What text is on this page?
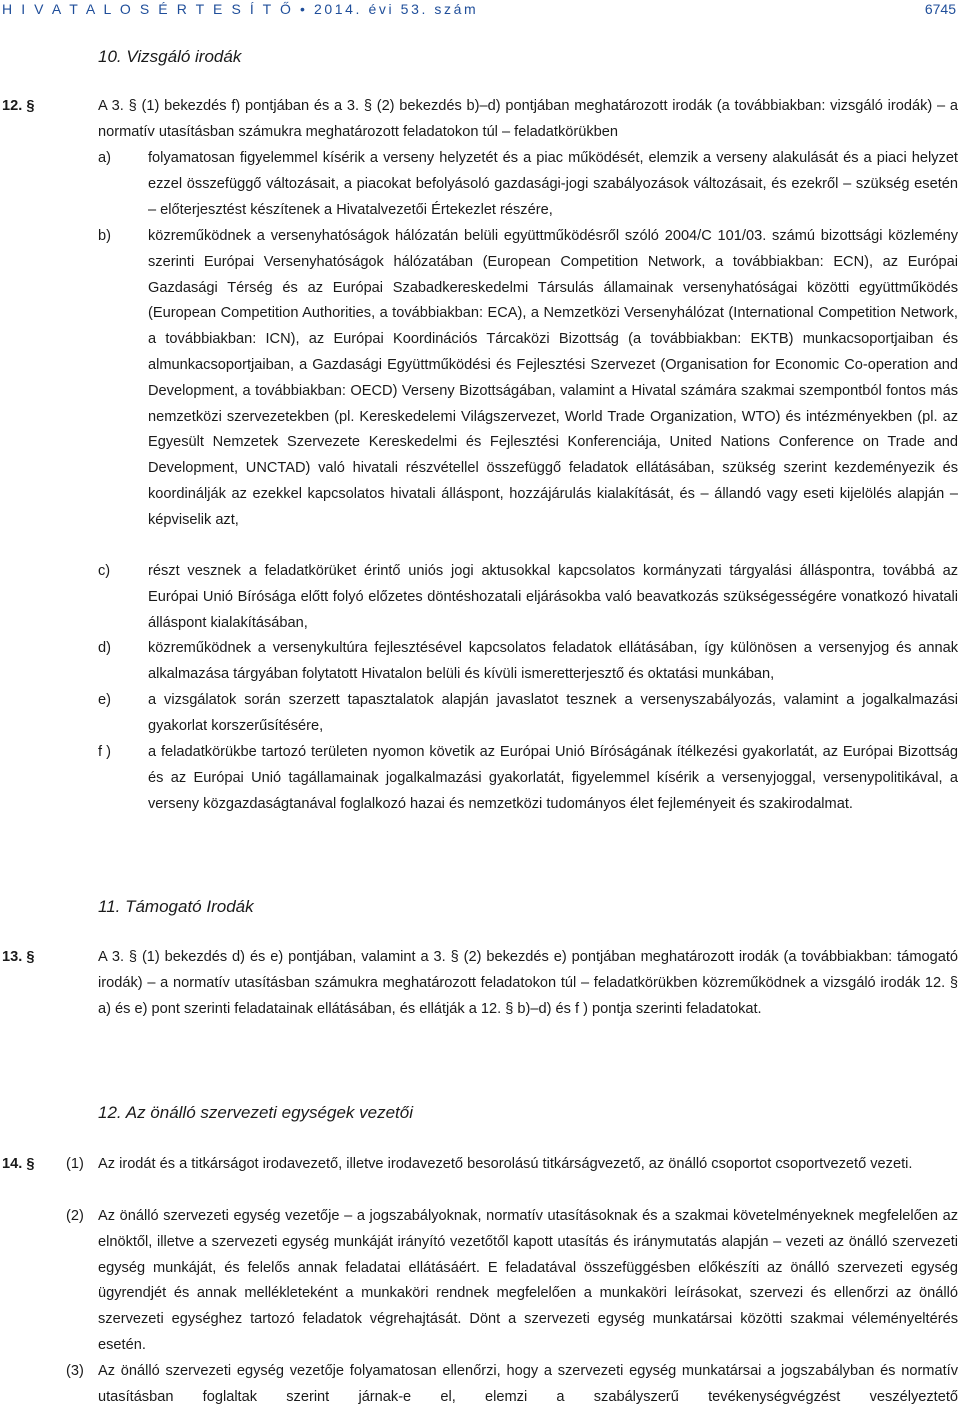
H I V A T A L O S É R T E S Í T Ő • 2014. évi 53. szám	6745
10. Vizsgáló irodák
12. §	A 3. § (1) bekezdés f) pontjában és a 3. § (2) bekezdés b)–d) pontjában meghatározott irodák (a továbbiakban: vizsgáló irodák) – a normatív utasításban számukra meghatározott feladatokon túl – feladatkörükben
a)	folyamatosan figyelemmel kísérik a verseny helyzetét és a piac működését, elemzik a verseny alakulását és a piaci helyzet ezzel összefüggő változásait, a piacokat befolyásoló gazdasági-jogi szabályozások változásait, és ezekről – szükség esetén – előterjesztést készítenek a Hivatalvezetői Értekezlet részére,
b)	közreműködnek a versenyhatóságok hálózatán belüli együttműködésről szóló 2004/C 101/03. számú bizottsági közlemény szerinti Európai Versenyhatóságok hálózatában (European Competition Network, a továbbiakban: ECN), az Európai Gazdasági Térség és az Európai Szabadkereskedelmi Társulás államainak versenyhatóságai közötti együttműködés (European Competition Authorities, a továbbiakban: ECA), a Nemzetközi Versenyhálózat (International Competition Network, a továbbiakban: ICN), az Európai Koordinációs Tárcaközi Bizottság (a továbbiakban: EKTB) munkacsoportjaiban és almunkacsoportjaiban, a Gazdasági Együttműködési és Fejlesztési Szervezet (Organisation for Economic Co-operation and Development, a továbbiakban: OECD) Verseny Bizottságában, valamint a Hivatal számára szakmai szempontból fontos más nemzetközi szervezetekben (pl. Kereskedelemi Világszervezet, World Trade Organization, WTO) és intézményekben (pl. az Egyesült Nemzetek Szervezete Kereskedelmi és Fejlesztési Konferenciája, United Nations Conference on Trade and Development, UNCTAD) való hivatali részvétellel összefüggő feladatok ellátásában, szükség szerint kezdeményezik és koordinálják az ezekkel kapcsolatos hivatali álláspont, hozzájárulás kialakítását, és – állandó vagy eseti kijelölés alapján – képviselik azt,
c)	részt vesznek a feladatkörüket érintő uniós jogi aktusokkal kapcsolatos kormányzati tárgyalási álláspontra, továbbá az Európai Unió Bírósága előtt folyó előzetes döntéshozatali eljárásokba való beavatkozás szükségességére vonatkozó hivatali álláspont kialakításában,
d)	közreműködnek a versenykultúra fejlesztésével kapcsolatos feladatok ellátásában, így különösen a versenyjog és annak alkalmazása tárgyában folytatott Hivatalon belüli és kívüli ismeretterjesztő és oktatási munkában,
e)	a vizsgálatok során szerzett tapasztalatok alapján javaslatot tesznek a versenyszabályozás, valamint a jogalkalmazási gyakorlat korszerűsítésére,
f )	a feladatkörükbe tartozó területen nyomon követik az Európai Unió Bíróságának ítélkezési gyakorlatát, az Európai Bizottság és az Európai Unió tagállamainak jogalkalmazási gyakorlatát, figyelemmel kísérik a versenyjoggal, versenypolitikával, a verseny közgazdaságtanával foglalkozó hazai és nemzetközi tudományos élet fejleményeit és szakirodalmat.
11. Támogató Irodák
13. §	A 3. § (1) bekezdés d) és e) pontjában, valamint a 3. § (2) bekezdés e) pontjában meghatározott irodák (a továbbiakban: támogató irodák) – a normatív utasításban számukra meghatározott feladatokon túl – feladatkörükben közreműködnek a vizsgáló irodák 12. § a) és e) pont szerinti feladatainak ellátásában, és ellátják a 12. § b)–d) és f ) pontja szerinti feladatokat.
12. Az önálló szervezeti egységek vezetői
14. §	(1) Az irodát és a titkárságot irodavezető, illetve irodavezető besorolású titkárságvezető, az önálló csoportot csoportvezető vezeti.
(2) Az önálló szervezeti egység vezetője – a jogszabályoknak, normatív utasításoknak és a szakmai követelményeknek megfelelően az elnöktől, illetve a szervezeti egység munkáját irányító vezetőtől kapott utasítás és iránymutatás alapján – vezeti az önálló szervezeti egység munkáját, és felelős annak feladatai ellátásáért. E feladatával összefüggésben előkészíti az önálló szervezeti egység ügyrendjét és annak mellékleteként a munkaköri rendnek megfelelően a munkaköri leírásokat, szervezi és ellenőrzi az önálló szervezeti egységhez tartozó feladatok végrehajtását. Dönt a szervezeti egység munkatársai közötti szakmai véleményeltérés esetén.
(3) Az önálló szervezeti egység vezetője folyamatosan ellenőrzi, hogy a szervezeti egység munkatársai a jogszabályban és normatív utasításban foglaltak szerint járnak-e el, elemzi a szabályszerű tevékenységvégzést veszélyeztető
